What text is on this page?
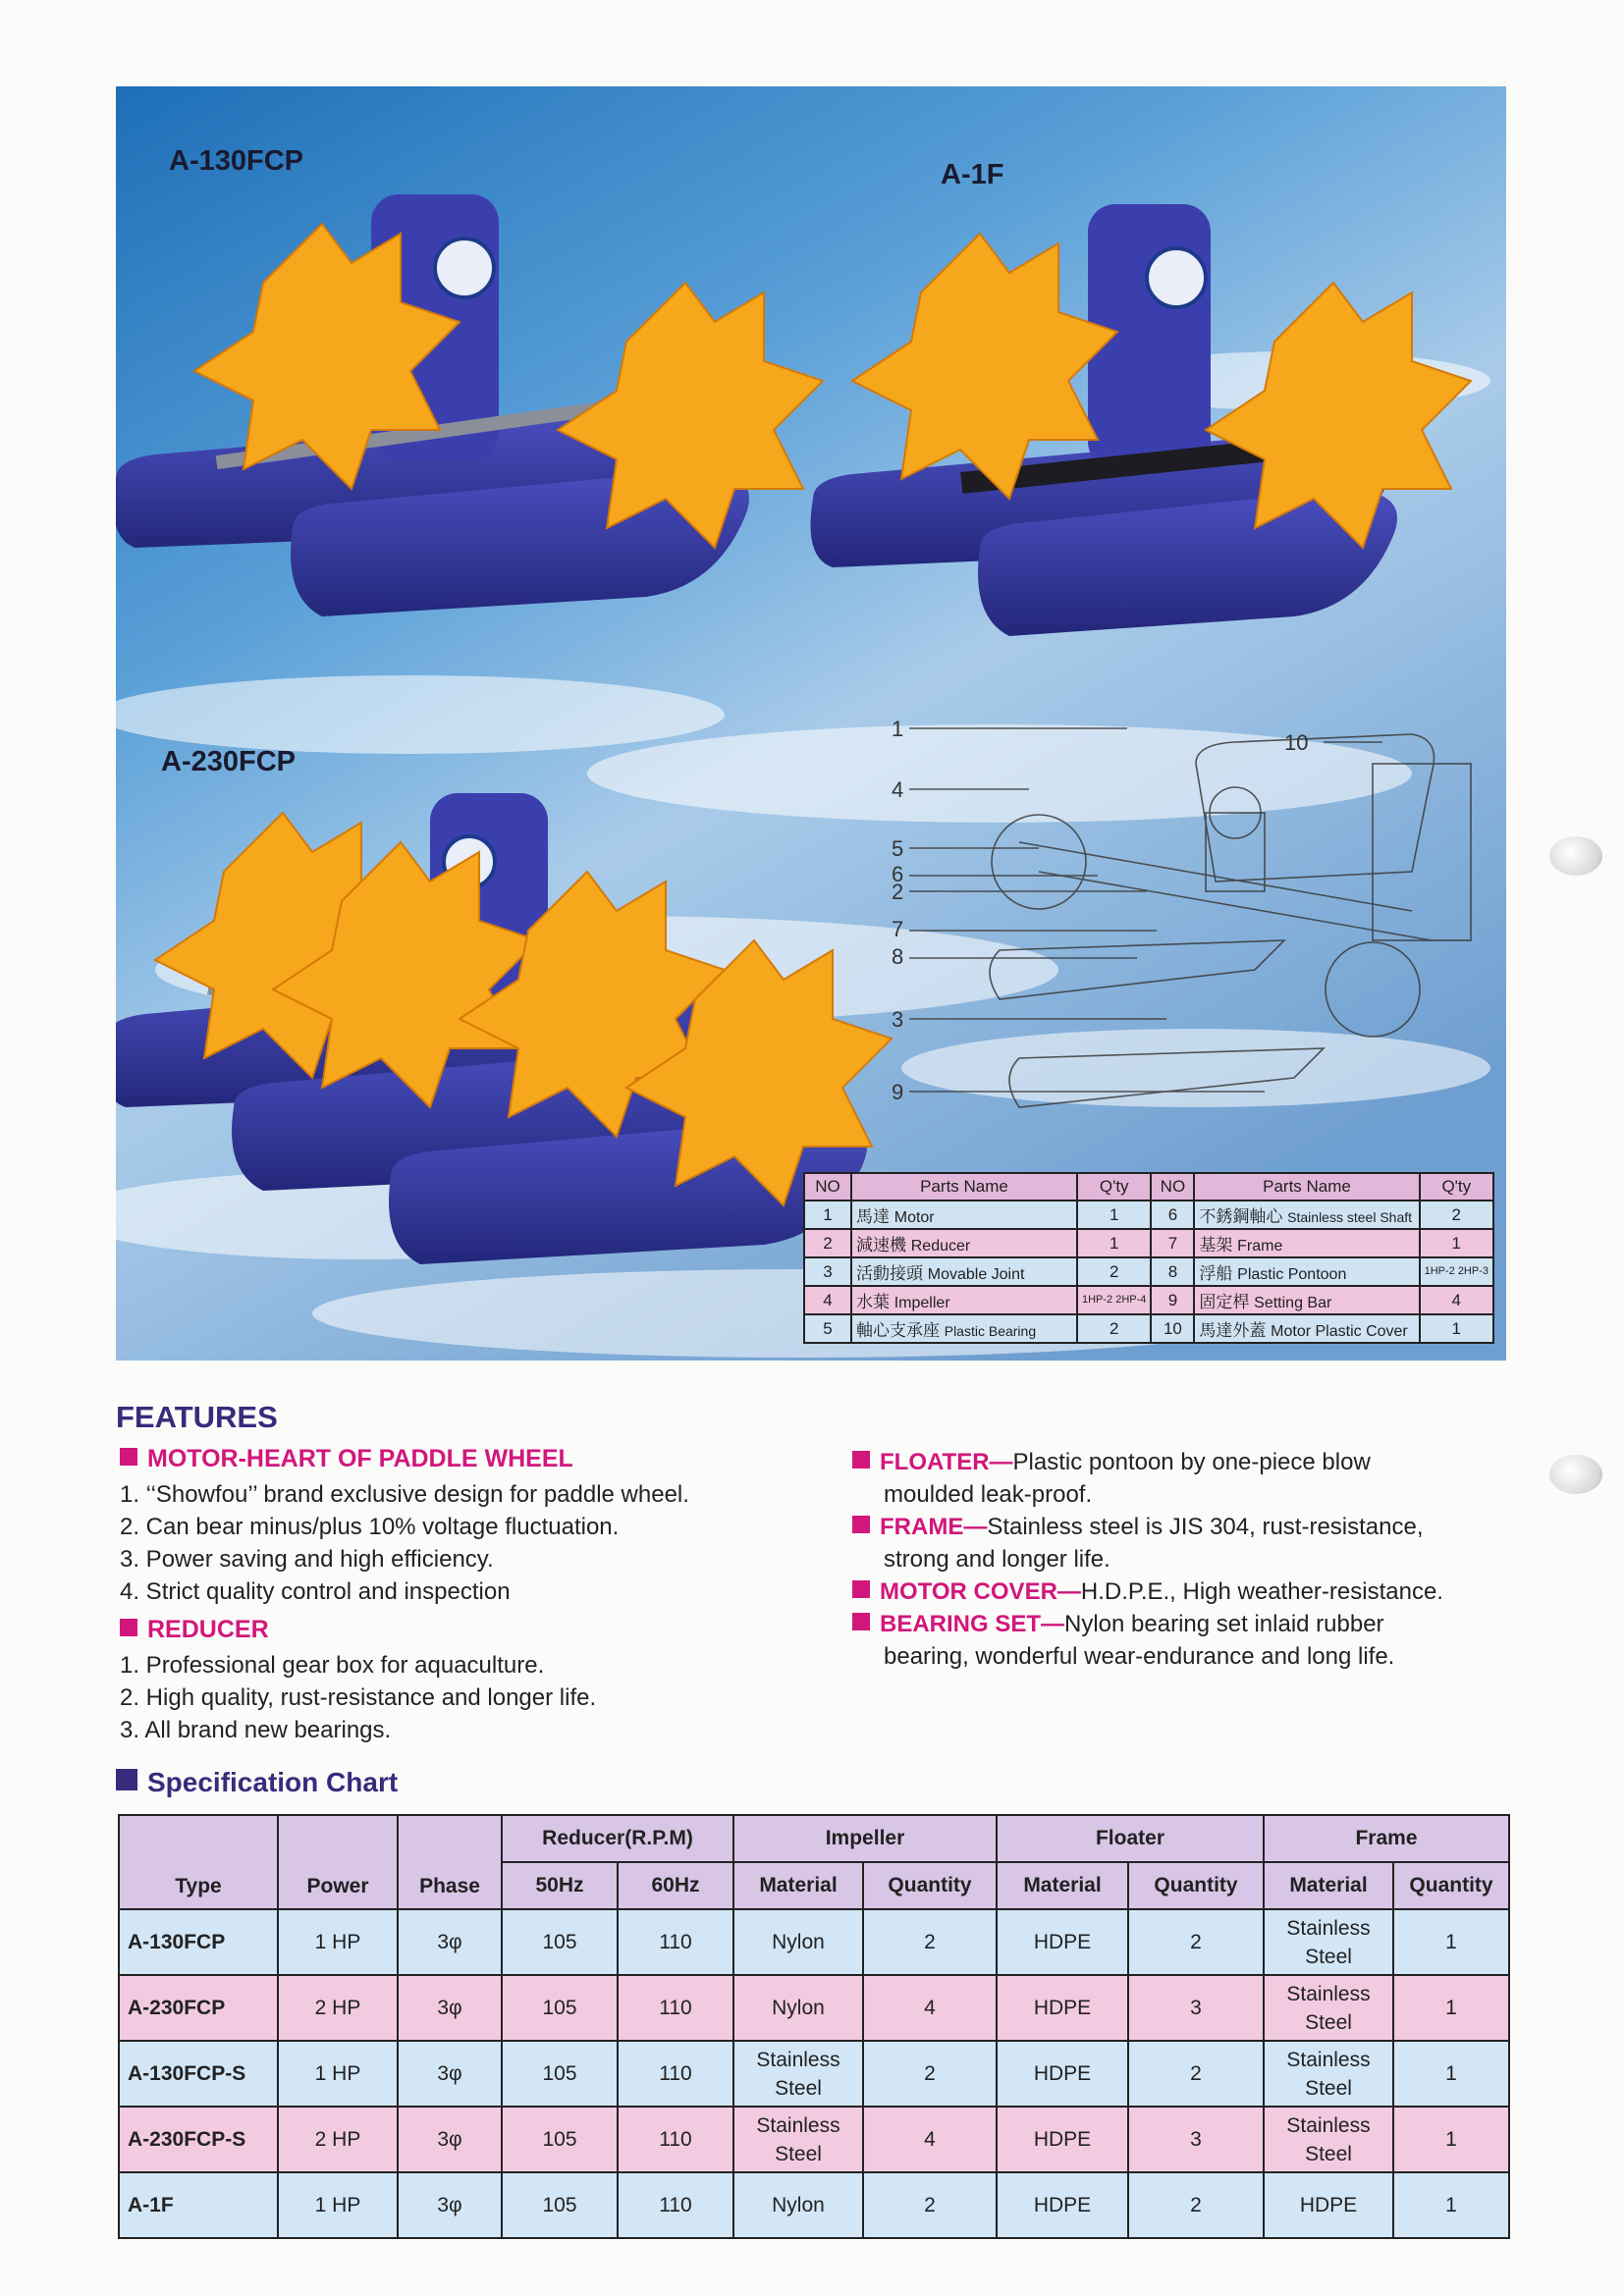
1
4
5
6
2
7
8
3
9
10
A-130FCP	A-1F
A-230FCP
NO	Parts Name	Q'ty	NO	Parts Name	Q'ty
1	馬達 Motor	1	6	不銹鋼軸心 Stainless steel Shaft	2
2	減速機 Reducer	1	7	基架 Frame	1
3	活動接頭 Movable Joint	2	8	浮船 Plastic Pontoon	1HP-2 2HP-3
4	水葉 Impeller	1HP-2 2HP-4	9	固定桿 Setting Bar	4
5	軸心支承座 Plastic Bearing	2	10	馬達外蓋 Motor Plastic Cover	1
FEATURES
MOTOR-HEART OF PADDLE WHEEL
1. ‘‘Showfou’’ brand exclusive design for paddle wheel.
2. Can bear minus/plus 10% voltage fluctuation.
3. Power saving and high efficiency.
4. Strict quality control and inspection
REDUCER
1. Professional gear box for aquaculture.
2. High quality, rust-resistance and longer life.
3. All brand new bearings.
FLOATER—Plastic pontoon by one-piece blow
moulded leak-proof.
FRAME—Stainless steel is JIS 304, rust-resistance,
strong and longer life.
MOTOR COVER—H.D.P.E., High weather-resistance.
BEARING SET—Nylon bearing set inlaid rubber
bearing, wonderful wear-endurance and long life.
Specification Chart
Type	Power	Phase	Reducer(R.P.M)		Impeller		Floater		Frame	
			50Hz	60Hz	Material	Quantity	Material	Quantity	Material	Quantity
A-130FCP	1 HP	3φ	105	110	Nylon	2	HDPE	2	Stainless Steel	1
A-230FCP	2 HP	3φ	105	110	Nylon	4	HDPE	3	Stainless Steel	1
A-130FCP-S	1 HP	3φ	105	110	Stainless Steel	2	HDPE	2	Stainless Steel	1
A-230FCP-S	2 HP	3φ	105	110	Stainless Steel	4	HDPE	3	Stainless Steel	1
A-1F	1 HP	3φ	105	110	Nylon	2	HDPE	2	HDPE	1
